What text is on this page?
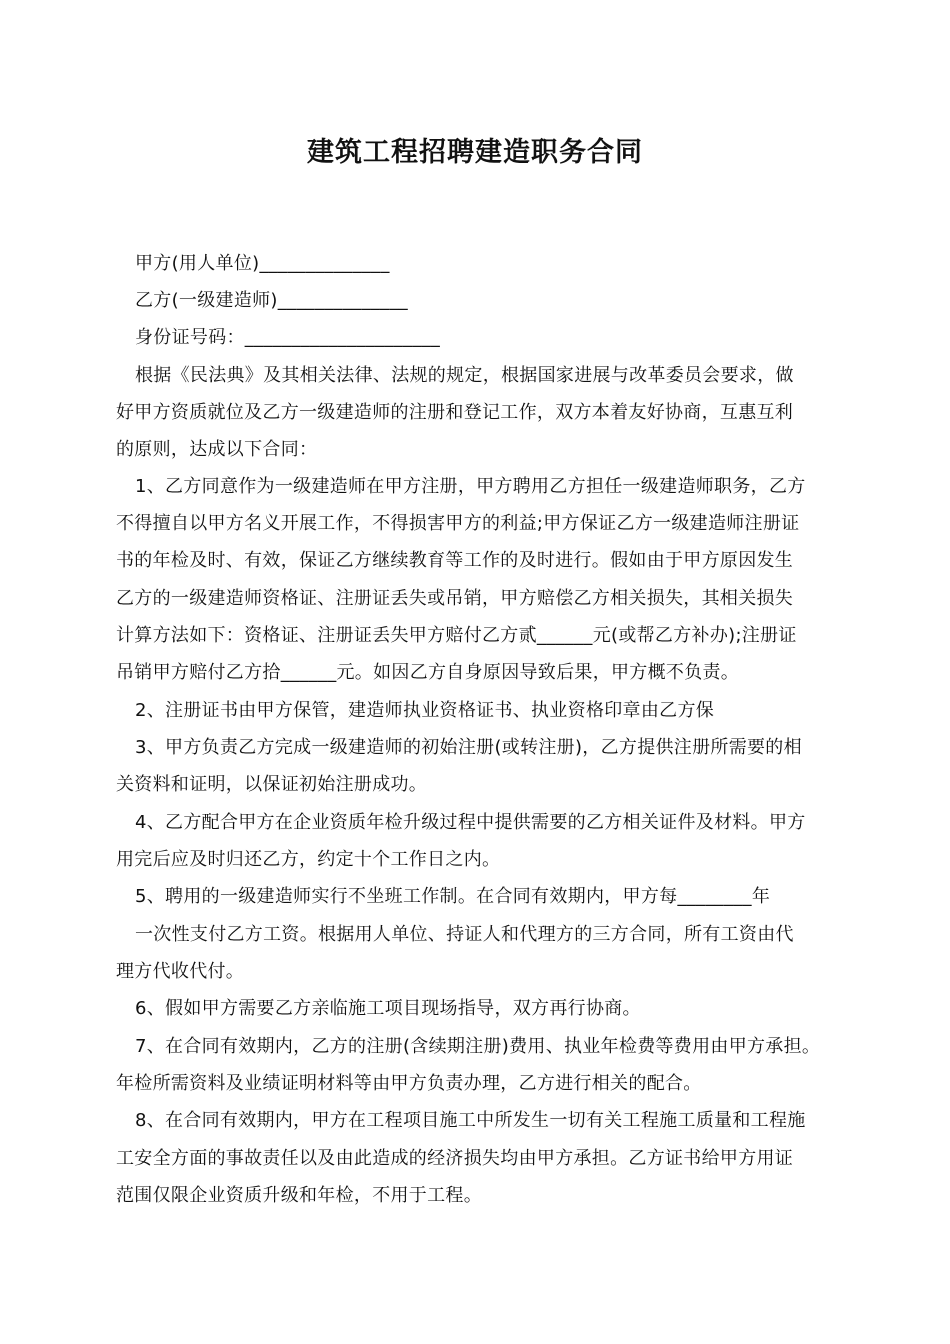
建筑工程招聘建造职务合同
甲方(用人单位)______________
乙方(一级建造师)______________
身份证号码：_____________________
根据《民法典》及其相关法律、法规的规定，根据国家进展与改革委员会要求，做
好甲方资质就位及乙方一级建造师的注册和登记工作，双方本着友好协商，互惠互利
的原则，达成以下合同：
1、乙方同意作为一级建造师在甲方注册，甲方聘用乙方担任一级建造师职务，乙方
不得擅自以甲方名义开展工作，不得损害甲方的利益;甲方保证乙方一级建造师注册证
书的年检及时、有效，保证乙方继续教育等工作的及时进行。假如由于甲方原因发生
乙方的一级建造师资格证、注册证丢失或吊销，甲方赔偿乙方相关损失，其相关损失
计算方法如下：资格证、注册证丢失甲方赔付乙方贰______元(或帮乙方补办);注册证
吊销甲方赔付乙方拾______元。如因乙方自身原因导致后果，甲方概不负责。
2、注册证书由甲方保管，建造师执业资格证书、执业资格印章由乙方保
3、甲方负责乙方完成一级建造师的初始注册(或转注册)，乙方提供注册所需要的相
关资料和证明，以保证初始注册成功。
4、乙方配合甲方在企业资质年检升级过程中提供需要的乙方相关证件及材料。甲方
用完后应及时归还乙方，约定十个工作日之内。
5、聘用的一级建造师实行不坐班工作制。在合同有效期内，甲方每________年
一次性支付乙方工资。根据用人单位、持证人和代理方的三方合同，所有工资由代
理方代收代付。
6、假如甲方需要乙方亲临施工项目现场指导，双方再行协商。
7、在合同有效期内，乙方的注册(含续期注册)费用、执业年检费等费用由甲方承担。
年检所需资料及业绩证明材料等由甲方负责办理，乙方进行相关的配合。
8、在合同有效期内，甲方在工程项目施工中所发生一切有关工程施工质量和工程施
工安全方面的事故责任以及由此造成的经济损失均由甲方承担。乙方证书给甲方用证
范围仅限企业资质升级和年检，不用于工程。
